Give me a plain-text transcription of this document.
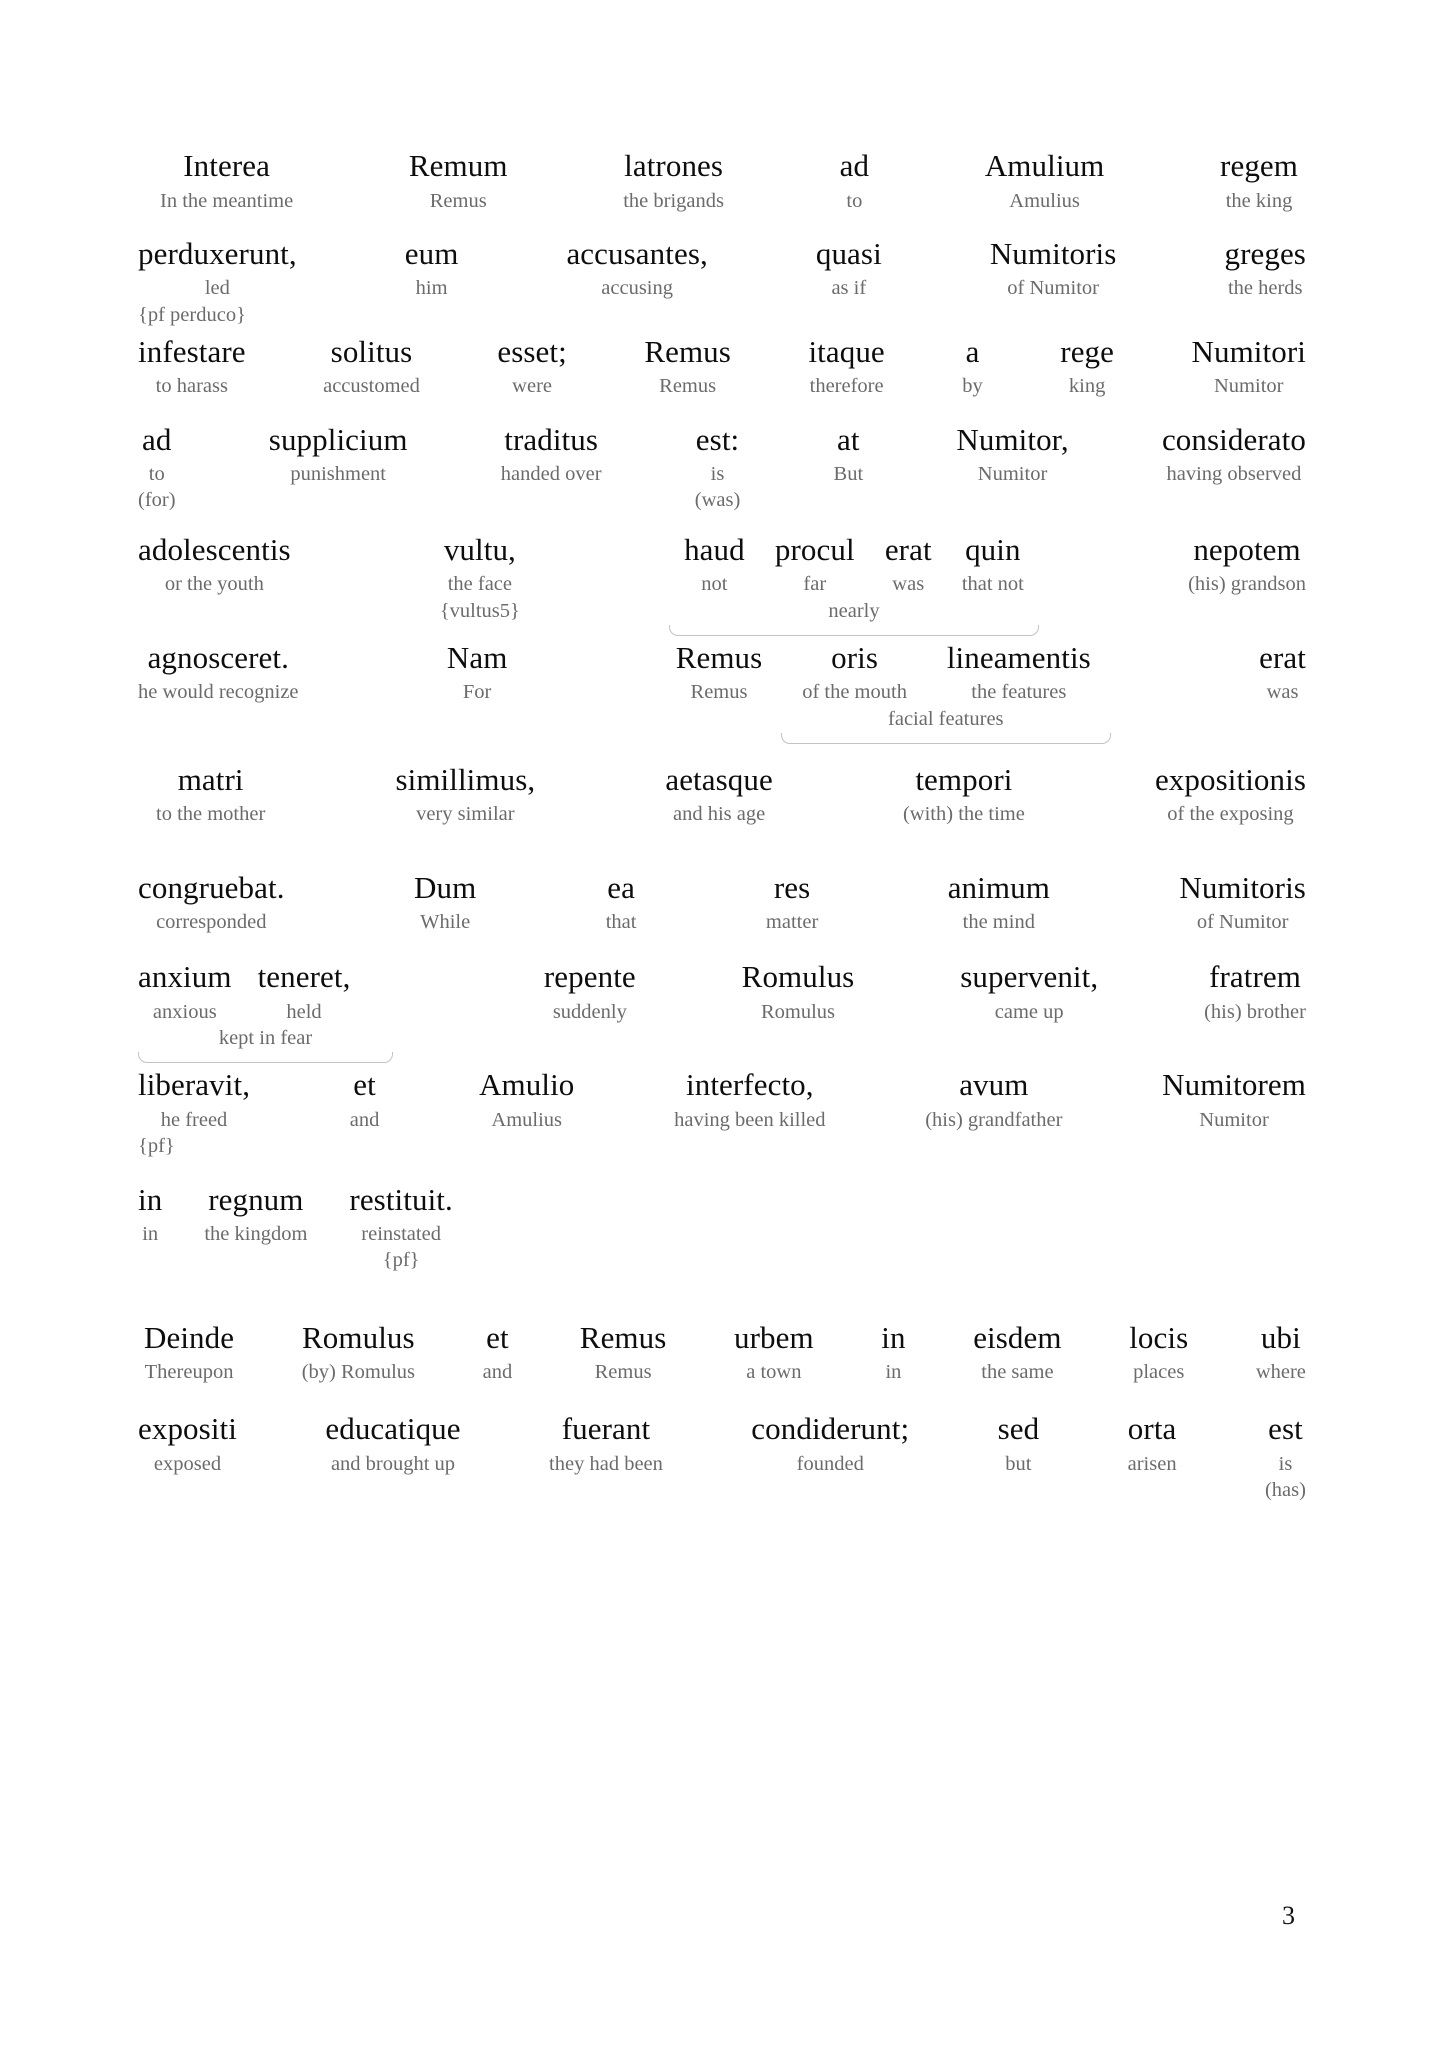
Interea
In the meantime
Remum
Remus
latrones
the brigands
ad
to
Amulium
Amulius
regem
the king
perduxerunt,
led
{pf perduco}
eum
him
accusantes,
accusing
quasi
as if
Numitoris
of Numitor
greges
the herds
infestare
to harass
solitus
accustomed
esset;
were
Remus
Remus
itaque
therefore
a
by
rege
king
Numitori
Numitor
ad
to
(for)
supplicium
punishment
traditus
handed over
est:
is
(was)
at
But
Numitor,
Numitor
considerato
having observed
adolescentis
or the youth
vultu,
the face
{vultus5}
haud
not
procul
far
erat
was
quin
that not
nearly
nepotem
(his) grandson
agnosceret.
he would recognize
Nam
For
Remus
Remus
oris
of the mouth
lineamentis
the features
facial features
erat
was
matri
to the mother
simillimus,
very similar
aetasque
and his age
tempori
(with) the time
expositionis
of the exposing
congruebat.
corresponded
Dum
While
ea
that
res
matter
animum
the mind
Numitoris
of Numitor
anxium
anxious
teneret,
held
kept in fear
repente
suddenly
Romulus
Romulus
supervenit,
came up
fratrem
(his) brother
liberavit,
he freed
{pf}
et
and
Amulio
Amulius
interfecto,
having been killed
avum
(his) grandfather
Numitorem
Numitor
in
in
regnum
the kingdom
restituit.
reinstated
{pf}
Deinde
Thereupon
Romulus
(by) Romulus
et
and
Remus
Remus
urbem
a town
in
in
eisdem
the same
locis
places
ubi
where
expositi
exposed
educatique
and brought up
fuerant
they had been
condiderunt;
founded
sed
but
orta
arisen
est
is
(has)
3
